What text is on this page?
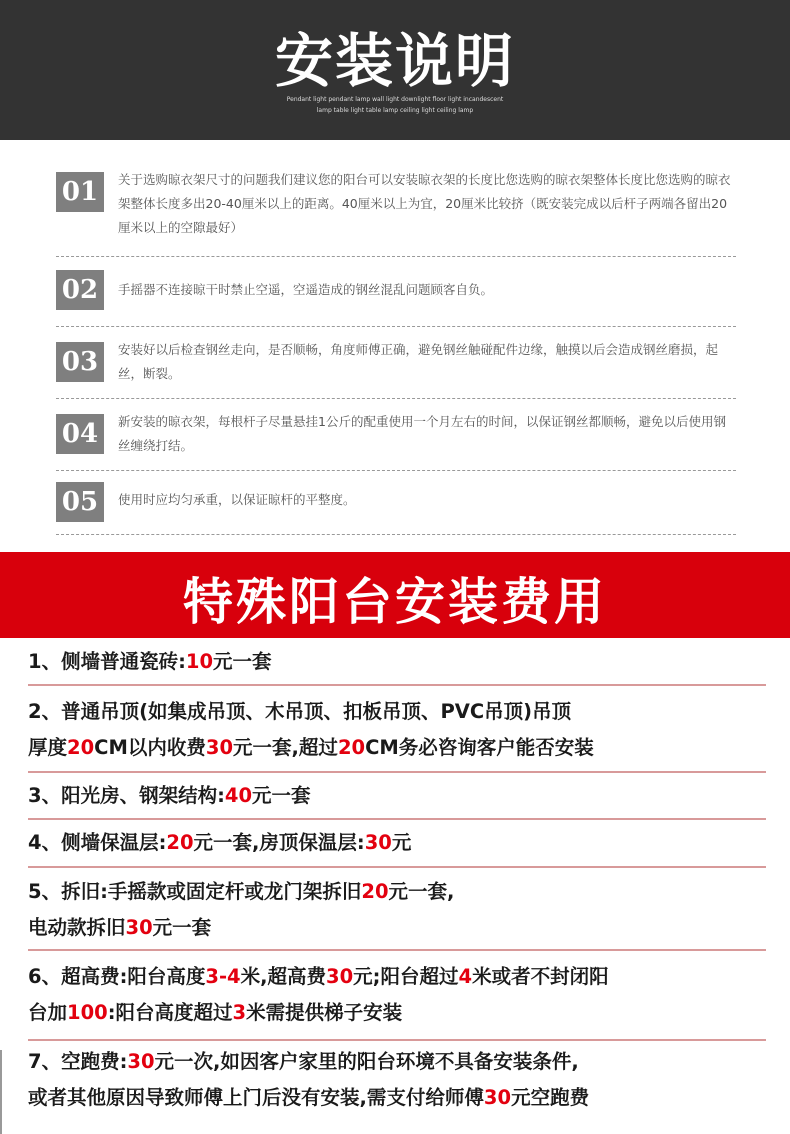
安装说明
Pendant light pendant lamp wall light downlight floor light incandescent
lamp table light table lamp ceiling light ceiling lamp
01	关于选购晾衣架尺寸的问题我们建议您的阳台可以安装晾衣架的长度比您选购的晾衣架整体长度比您选购的晾衣架整体长度多出20-40厘米以上的距离。40厘米以上为宜，20厘米比较挤（既安装完成以后杆子两端各留出20厘米以上的空隙最好）
02	手摇器不连接晾干时禁止空遥，空遥造成的钢丝混乱问题顾客自负。
03	安装好以后检查钢丝走向，是否顺畅，角度师傅正确，避免钢丝触碰配件边缘，触摸以后会造成钢丝磨损，起丝，断裂。
04	新安装的晾衣架，每根杆子尽量悬挂1公斤的配重使用一个月左右的时间，以保证钢丝都顺畅，避免以后使用钢丝缠绕打结。
05	使用时应均匀承重，以保证晾杆的平整度。
特殊阳台安装费用
1、侧墙普通瓷砖:10元一套
2、普通吊顶(如集成吊顶、木吊顶、扣板吊顶、PVC吊顶)吊顶
厚度20CM以内收费30元一套,超过20CM务必咨询客户能否安装
3、阳光房、钢架结构:40元一套
4、侧墙保温层:20元一套,房顶保温层:30元
5、拆旧:手摇款或固定杆或龙门架拆旧20元一套,
电动款拆旧30元一套
6、超高费:阳台高度3-4米,超高费30元;阳台超过4米或者不封闭阳
台加100:阳台高度超过3米需提供梯子安装
7、空跑费:30元一次,如因客户家里的阳台环境不具备安装条件,
或者其他原因导致师傅上门后没有安装,需支付给师傅30元空跑费
